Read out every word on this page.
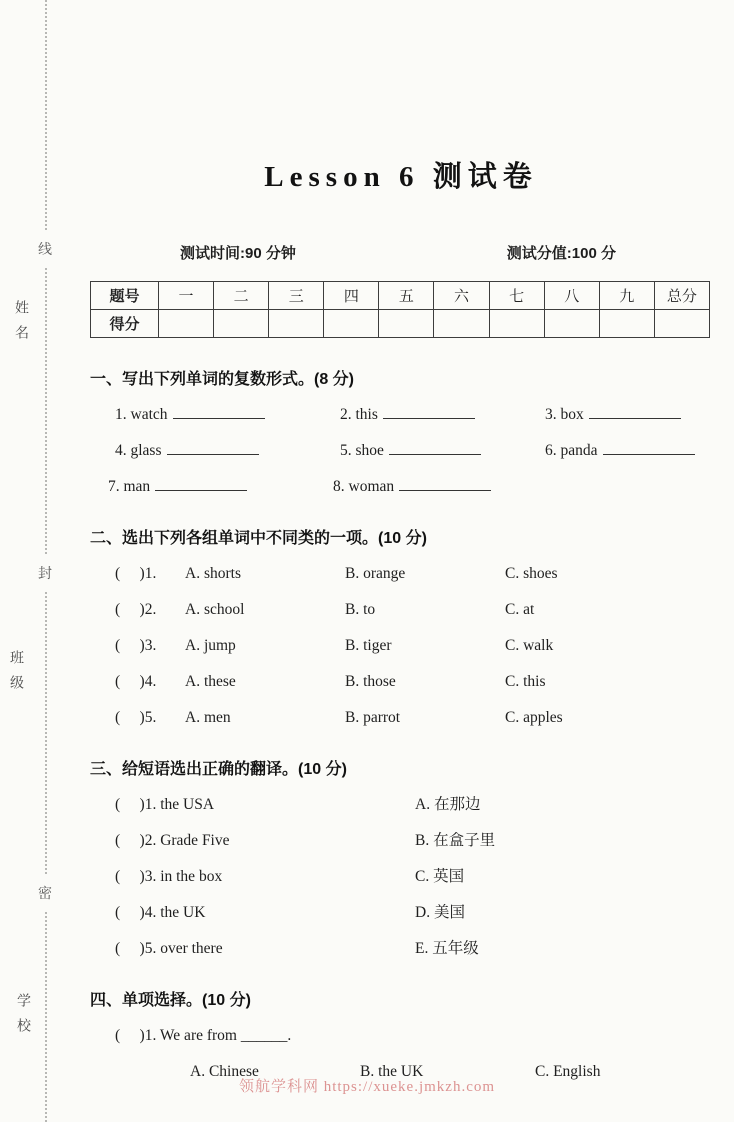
线
封
密
姓名
班级
学校
Lesson 6 测试卷
测试时间:90 分钟	测试分值:100 分
题号	一	二	三	四	五	六	七	八	九	总分
得分										
一、写出下列单词的复数形式。(8 分)
1. watch	2. this	3. box
4. glass	5. shoe	6. panda
7. man	8. woman
二、选出下列各组单词中不同类的一项。(10 分)
(     )1.	A. shorts	B. orange	C. shoes
(     )2.	A. school	B. to	C. at
(     )3.	A. jump	B. tiger	C. walk
(     )4.	A. these	B. those	C. this
(     )5.	A. men	B. parrot	C. apples
三、给短语选出正确的翻译。(10 分)
(     )1. the USA	A. 在那边
(     )2. Grade Five	B. 在盒子里
(     )3. in the box	C. 英国
(     )4. the UK	D. 美国
(     )5. over there	E. 五年级
四、单项选择。(10 分)
(     )1. We are from ______.
A. Chinese	B. the UK	C. English
领航学科网 https://xueke.jmkzh.com
